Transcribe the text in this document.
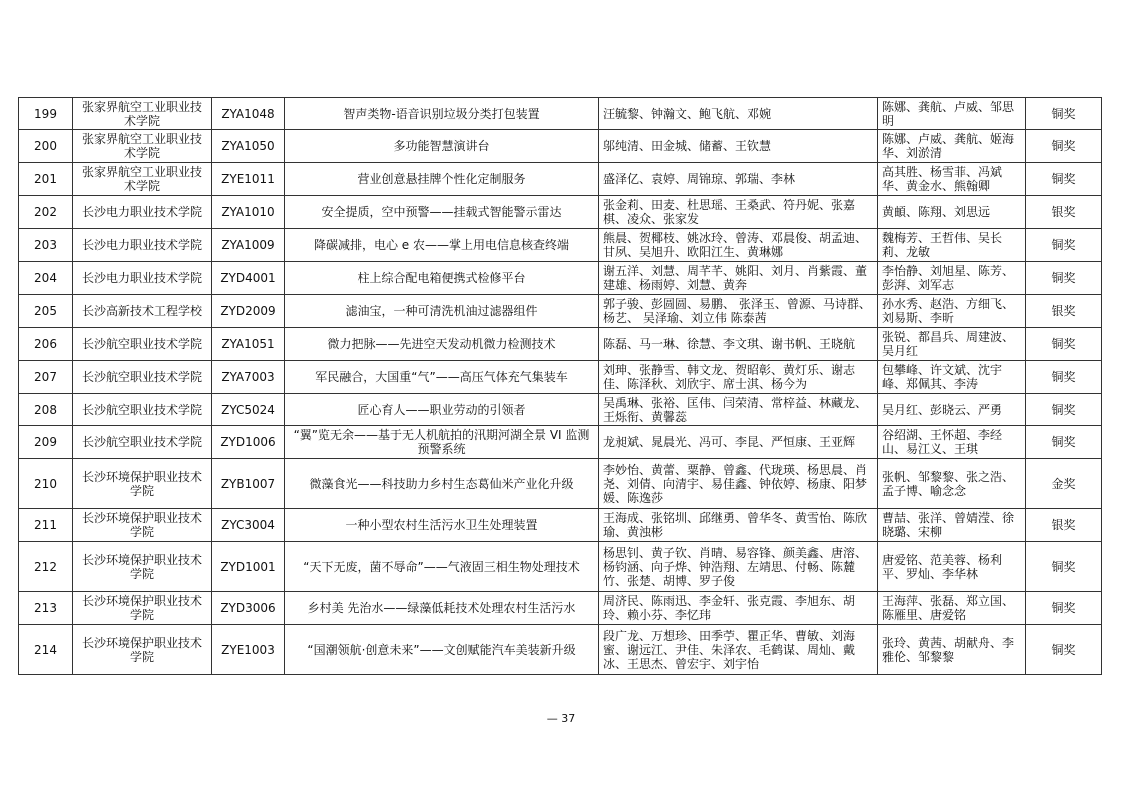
199	张家界航空工业职业技术学院	ZYA1048	智声类物-语音识别垃圾分类打包装置	汪毓黎、钟瀚文、鲍飞航、邓婉	陈娜、龚航、卢威、邹思明	铜奖
200	张家界航空工业职业技术学院	ZYA1050	多功能智慧演讲台	邬纯清、田金城、储蓄、王钦慧	陈娜、卢威、龚航、姬海华、刘淤清	铜奖
201	张家界航空工业职业技术学院	ZYE1011	营业创意悬挂牌个性化定制服务	盛泽亿、袁婷、周锦琼、郭瑞、李林	高其胜、杨雪菲、冯斌华、黄金水、熊翰卿	铜奖
202	长沙电力职业技术学院	ZYA1010	安全提质，空中预警——挂载式智能警示雷达	张金莉、田麦、杜思瑶、王桑武、符丹妮、张嘉棋、凌众、张家发	黄頔、陈翔、刘思远	银奖
203	长沙电力职业技术学院	ZYA1009	降碳减排，电心 e 农——掌上用电信息核查终端	熊晨、贺椰枝、姚冰玲、曾涛、邓晨俊、胡孟迪、甘夙、吴旭升、欧阳江生、黄琳娜	魏梅芳、王哲伟、吴长莉、龙敏	铜奖
204	长沙电力职业技术学院	ZYD4001	柱上综合配电箱便携式检修平台	谢五洋、刘慧、周芊芊、姚阳、刘月、肖紫霞、董建雄、杨雨婷、刘慧、黄奔	李怡静、刘旭星、陈芳、彭湃、刘军志	铜奖
205	长沙高新技术工程学校	ZYD2009	滤油宝，一种可清洗机油过滤器组件	郭子骏、彭圆圆、易鹏、 张泽玉、曾源、马诗群、杨艺、 吴泽瑜、刘立伟 陈泰茜	孙水秀、赵浩、方细飞、刘易斯、李昕	银奖
206	长沙航空职业技术学院	ZYA1051	微力把脉——先进空天发动机微力检测技术	陈磊、马一琳、徐慧、李文琪、谢书帆、王晓航	张锐、都昌兵、周建波、吴月红	铜奖
207	长沙航空职业技术学院	ZYA7003	军民融合，大国重“气”——高压气体充气集装车	刘珅、张静雪、韩文龙、贺昭彰、黄灯乐、谢志佳、陈泽秋、刘欣宇、席士淇、杨今为	包攀峰、许文斌、沈宇峰、郑佩其、李涛	铜奖
208	长沙航空职业技术学院	ZYC5024	匠心育人——职业劳动的引领者	吴禹琳、张裕、匡伟、闫荣清、常梓益、林藏龙、王烁衔、黄馨蕊	吴月红、彭晓云、严勇	铜奖
209	长沙航空职业技术学院	ZYD1006	“翼”览无余——基于无人机航拍的汛期河湖全景 VI 监测预警系统	龙昶斌、晁晨光、冯可、李昆、严恒康、王亚辉	谷绍湖、王怀超、李经山、易江义、王琪	铜奖
210	长沙环境保护职业技术学院	ZYB1007	微藻食光——科技助力乡村生态葛仙米产业化升级	李妙怡、黄蕾、粟静、曾鑫、代珑瑛、杨思晨、肖尧、刘倩、向清宇、易佳鑫、钟依婷、杨康、阳梦媛、陈逸莎	张帆、邹黎黎、张之浩、孟子博、喻念念	金奖
211	长沙环境保护职业技术学院	ZYC3004	一种小型农村生活污水卫生处理装置	王海成、张铭圳、邱继勇、曾华冬、黄雪怡、陈欣瑜、黄浊彬	曹喆、张洋、曾婧滢、徐晓璐、宋柳	银奖
212	长沙环境保护职业技术学院	ZYD1001	“天下无废，菌不辱命”——气液固三相生物处理技术	杨思钊、黄子钦、肖晴、易容锋、颜美鑫、唐溶、杨钧涵、向子烨、钟浩翔、左靖思、付畅、陈麓竹、张楚、胡博、罗子俊	唐爱铭、范美蓉、杨利平、罗灿、李华林	铜奖
213	长沙环境保护职业技术学院	ZYD3006	乡村美 先治水——绿藻低耗技术处理农村生活污水	周济民、陈雨迅、李金轩、张克霞、李旭东、胡玲、赖小芬、李忆玮	王海萍、张磊、郑立国、陈雁里、唐爱铭	铜奖
214	长沙环境保护职业技术学院	ZYE1003	“国潮领航·创意未来”——文创赋能汽车美装新升级	段广龙、万想珍、田季苧、瞿正华、曹敏、刘海蜜、谢远江、尹佳、朱泽农、毛鹤谋、周灿、戴冰、王思杰、曾宏宇、刘宇怡	张玲、黄茜、胡献舟、李雅伦、邹黎黎	铜奖
— 37
